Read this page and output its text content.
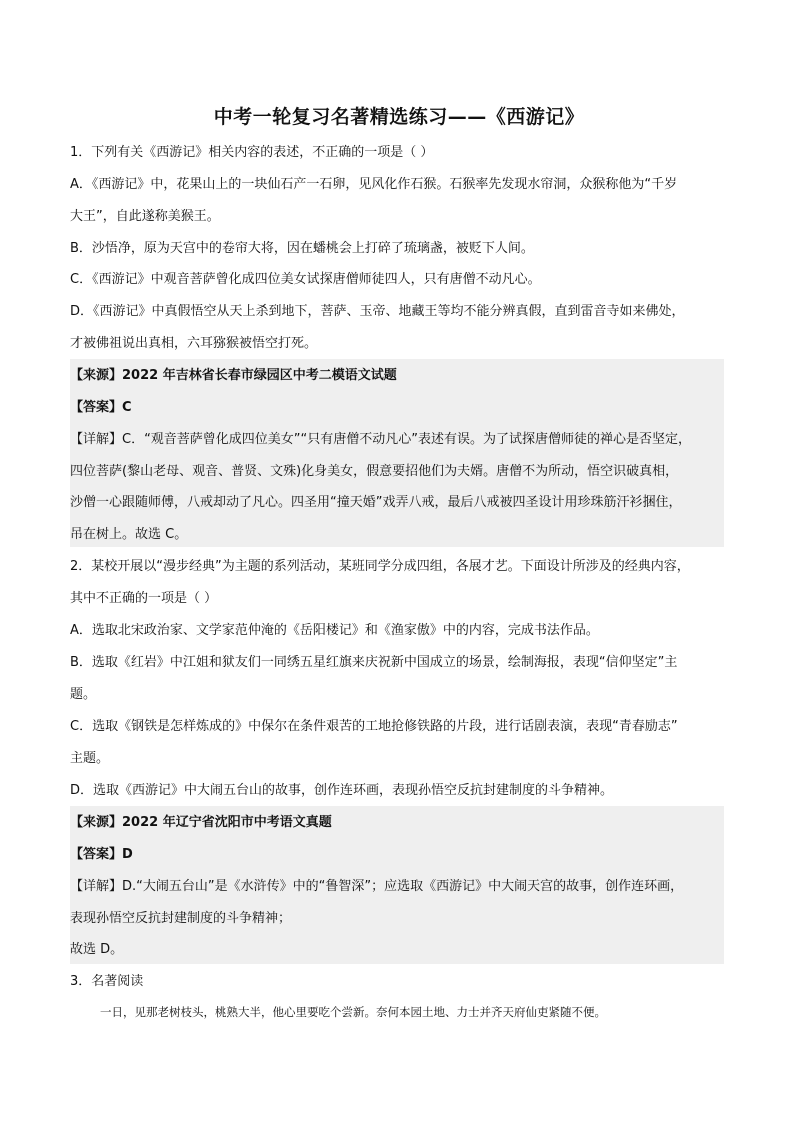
中考一轮复习名著精选练习——《西游记》
1．下列有关《西游记》相关内容的表述，不正确的一项是（ ）
A．《西游记》中，花果山上的一块仙石产一石卵，见风化作石猴。石猴率先发现水帘洞，众猴称他为“千岁
大王”，自此遂称美猴王。
B．沙悟净，原为天宫中的卷帘大将，因在蟠桃会上打碎了琉璃盏，被贬下人间。
C．《西游记》中观音菩萨曾化成四位美女试探唐僧师徒四人，只有唐僧不动凡心。
D．《西游记》中真假悟空从天上杀到地下，菩萨、玉帝、地藏王等均不能分辨真假，直到雷音寺如来佛处，
才被佛祖说出真相，六耳猕猴被悟空打死。
【来源】2022 年吉林省长春市绿园区中考二模语文试题
【答案】C
【详解】C．“观音菩萨曾化成四位美女”“只有唐僧不动凡心”表述有误。为了试探唐僧师徒的禅心是否坚定，
四位菩萨(黎山老母、观音、普贤、文殊)化身美女，假意要招他们为夫婿。唐僧不为所动，悟空识破真相，
沙僧一心跟随师傅，八戒却动了凡心。四圣用“撞天婚”戏弄八戒，最后八戒被四圣设计用珍珠筋汗衫捆住，
吊在树上。故选 C。
2．某校开展以“漫步经典”为主题的系列活动，某班同学分成四组，各展才艺。下面设计所涉及的经典内容，
其中不正确的一项是（ ）
A．选取北宋政治家、文学家范仲淹的《岳阳楼记》和《渔家傲》中的内容，完成书法作品。
B．选取《红岩》中江姐和狱友们一同绣五星红旗来庆祝新中国成立的场景，绘制海报，表现“信仰坚定”主
题。
C．选取《钢铁是怎样炼成的》中保尔在条件艰苦的工地抢修铁路的片段，进行话剧表演，表现“青春励志”
主题。
D．选取《西游记》中大闹五台山的故事，创作连环画，表现孙悟空反抗封建制度的斗争精神。
【来源】2022 年辽宁省沈阳市中考语文真题
【答案】D
【详解】D.“大闹五台山”是《水浒传》中的“鲁智深”；应选取《西游记》中大闹天宫的故事，创作连环画，
表现孙悟空反抗封建制度的斗争精神；
故选 D。
3．名著阅读
一日，见那老树枝头，桃熟大半，他心里要吃个尝新。奈何本园土地、力士并齐天府仙吏紧随不便。
